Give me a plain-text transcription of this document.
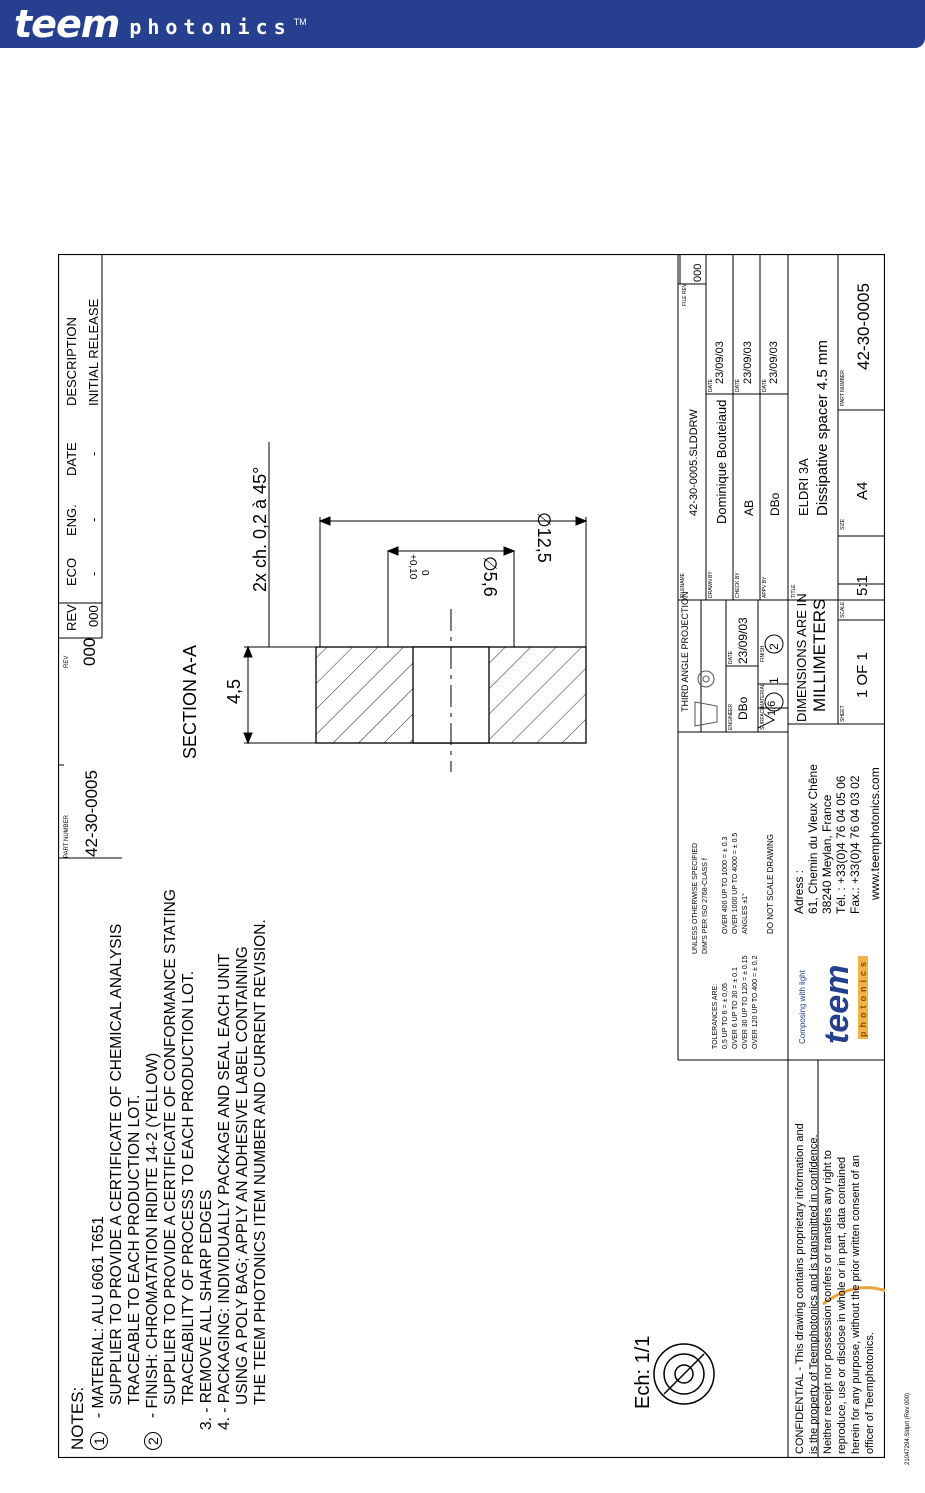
teem photonics TM
PART NUMBER 42-30-0005
REV 000
REV
ECO
ENG.
DATE
DESCRIPTION
000
-
-
-
INITIAL RELEASE
NOTES: 1
- MATERIAL: ALU 6061 T651 SUPPLIER TO PROVIDE A CERTIFICATE OF CHEMICAL ANALYSIS TRACEABLE TO EACH PRODUCTION LOT.
2
- FINISH: CHROMATATION IRIDITE 14-2 (YELLOW) SUPPLIER TO PROVIDE A CERTIFICATE OF CONFORMANCE STATING TRACEABILITY OF PROCESS TO EACH PRODUCTION LOT. 3. - REMOVE ALL SHARP EDGES 4. - PACKAGING: INDIVIDUALLY PACKAGE AND SEAL EACH UNIT USING A POLY BAG; APPLY AN ADHESIVE LABEL CONTAINING THE TEEM PHOTONICS ITEM NUMBER AND CURRENT REVISION.
SECTION A-A 4,5
2x ch. 0,2 à 45°	∅12,5
∅5,6
+0,10 0
Ech: 1/1	CONFIDENTIAL - This drawing contains proprietary information and is the property of Teemphotonics and is transmitted in confidence. Neither receipt nor possession confers or transfers any right to reproduce, use or disclose in whole or in part, data contained herein for any purpose, without the prior written consent of an officer of Teemphotonics.
UNLESS OTHERWISE SPECIFIED DIM'S PER ISO 2768-CLASS f
TOLERANCES ARE: 0,5 UP TO 6 = ± 0,05 OVER 6 UP TO 30 = ± 0.1 OVER 30 UP TO 120 = ± 0.15 OVER 120 UP TO 400 = ± 0.2
OVER 400 UP TO 1000 = ± 0.3 OVER 1000 UP TO 4000 = ± 0.5 ANGLES ±1° DO NOT SCALE DRAWING
Composing with light teem photonics
Adress : 61, Chemin du Vieux Chêne 38240 Meylan, France Tél. : +33(0)4 76 04 05 06 Fax.: +33(0)4 76 04 03 02 www.teemphotonics.com
THIRD ANGLE PROJECTION
ENGINEER DBo
DATE 23/09/03
SURFACE 1.6
MATERIAL
1
FINISH 2 DIMENSIONS ARE IN MILLIMETERS
SHEET
1 OF 1
SCALE
5:1
FILENAME
42-30-0005.SLDDRW
FILE REV.
000
DRAWN BY
Dominique Bouteiaud
DATE
23/09/03
CHECK BY
AB
DATE
23/09/03
APPV BY
DBo
DATE
23/09/03
TITLE
ELDRI 3A Dissipative spacer 4.5 mm
SIZE
A4
PART NUMBER
42-30-0005
21047294.Sldprt (Rev 000)
